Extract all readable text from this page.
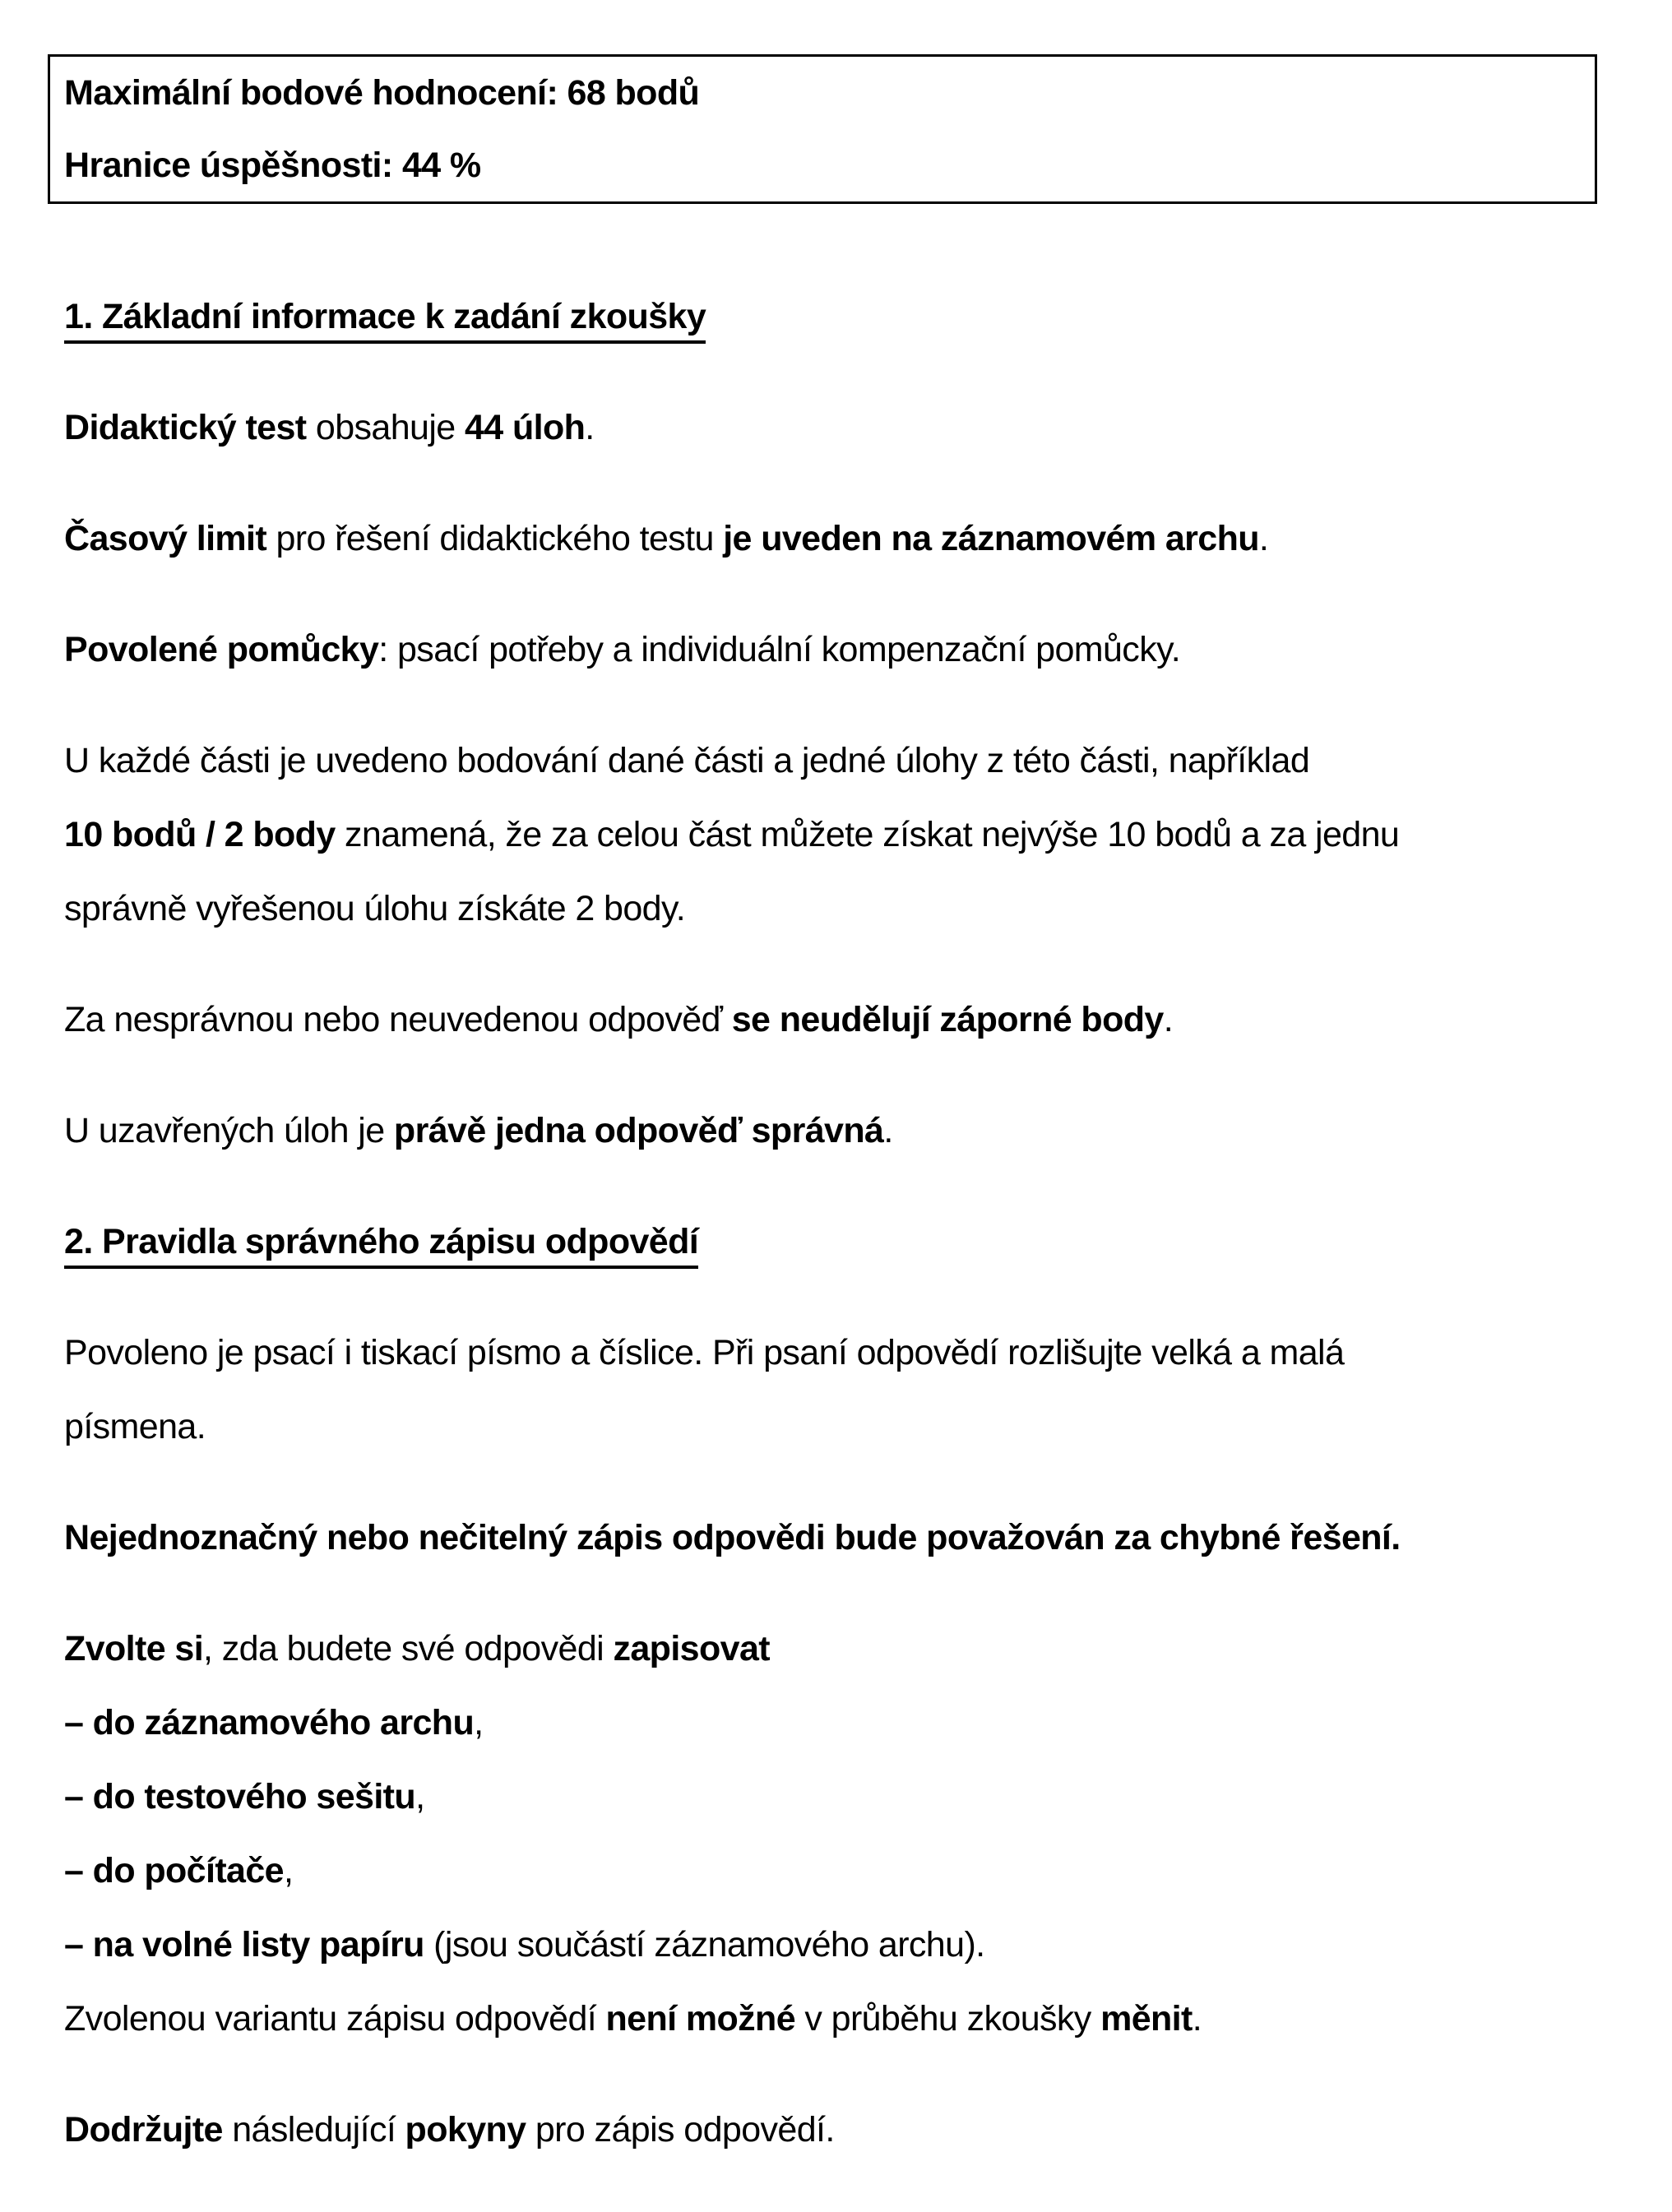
Maximální bodové hodnocení: 68 bodů
Hranice úspěšnosti: 44 %
1. Základní informace k zadání zkoušky
Didaktický test obsahuje 44 úloh.
Časový limit pro řešení didaktického testu je uveden na záznamovém archu.
Povolené pomůcky: psací potřeby a individuální kompenzační pomůcky.
U každé části je uvedeno bodování dané části a jedné úlohy z této části, například
10 bodů / 2 body znamená, že za celou část můžete získat nejvýše 10 bodů a za jednu
správně vyřešenou úlohu získáte 2 body.
Za nesprávnou nebo neuvedenou odpověď se neudělují záporné body.
U uzavřených úloh je právě jedna odpověď správná.
2. Pravidla správného zápisu odpovědí
Povoleno je psací i tiskací písmo a číslice. Při psaní odpovědí rozlišujte velká a malá
písmena.
Nejednoznačný nebo nečitelný zápis odpovědi bude považován za chybné řešení.
Zvolte si, zda budete své odpovědi zapisovat
– do záznamového archu,
– do testového sešitu,
– do počítače,
– na volné listy papíru (jsou součástí záznamového archu).
Zvolenou variantu zápisu odpovědí není možné v průběhu zkoušky měnit.
Dodržujte následující pokyny pro zápis odpovědí.
